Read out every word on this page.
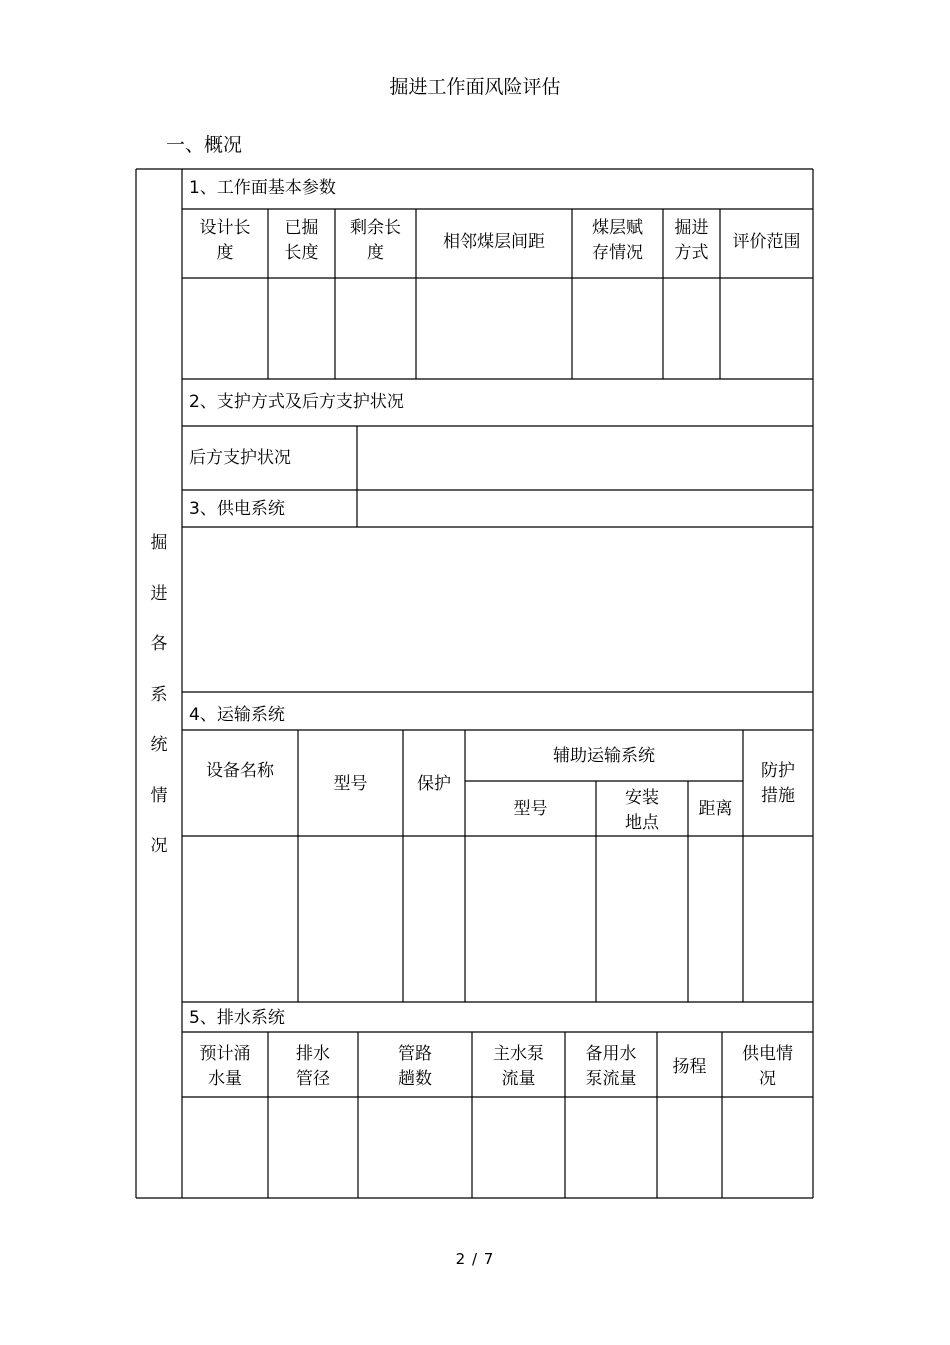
掘进工作面风险评估
一、概况
掘
进
各
系
统
情
况
1、工作面基本参数
设计长
度
已掘
长度
剩余长
度
相邻煤层间距
煤层赋
存情况
掘进
方式
评价范围
2、支护方式及后方支护状况
后方支护状况
3、供电系统
4、运输系统
设备名称
型号	保护
辅助运输系统
型号
安装
地点
距离
防护
措施
5、排水系统
预计涌
水量
排水
管径
管路
趟数
主水泵
流量
备用水
泵流量
扬程
供电情
况
2 / 7
